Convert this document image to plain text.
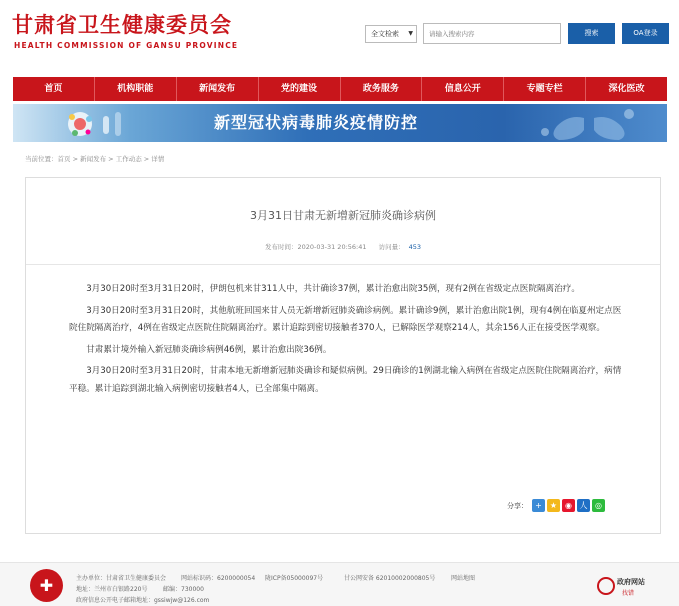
甘肃省卫生健康委员会
HEALTH COMMISSION OF GANSU PROVINCE
全文检索 ▼
请输入搜索内容	搜索	OA登录
首页	机构职能	新闻发布	党的建设	政务服务	信息公开	专题专栏	深化医改
新型冠状病毒肺炎疫情防控
当前位置：首页 > 新闻发布 > 工作动态 > 详情
3月31日甘肃无新增新冠肺炎确诊病例
发布时间：2020-03-31 20:56:41 访问量： 453

3月30日20时至3月31日20时，伊朗包机来甘311人中，共计确诊37例，累计治愈出院35例，现有2例在省级定点医院隔离治疗。

3月30日20时至3月31日20时，其他航班回国来甘人员无新增新冠肺炎确诊病例。累计确诊9例，累计治愈出院1例，现有4例在临夏州定点医院住院隔离治疗，4例在省级定点医院住院隔离治疗。累计追踪到密切接触者370人，已解除医学观察214人，其余156人正在接受医学观察。

甘肃累计境外输入新冠肺炎确诊病例46例，累计治愈出院36例。

3月30日20时至3月31日20时，甘肃本地无新增新冠肺炎确诊和疑似病例。29日确诊的1例湖北输入病例在省级定点医院住院隔离治疗，病情平稳。累计追踪到湖北输入病例密切接触者4人，已全部集中隔离。

分享： +	★ ◉ 人 ◎
✚	主办单位：甘肃省卫生健康委员会 网站标识码：6200000054 陇ICP备05000097号	甘公网安备 62010002000805号	网站地图
地址：兰州市白银路220号	邮编：730000
政府信息公开电子邮箱地址：gssiwjw@126.com
政府网站
找错
